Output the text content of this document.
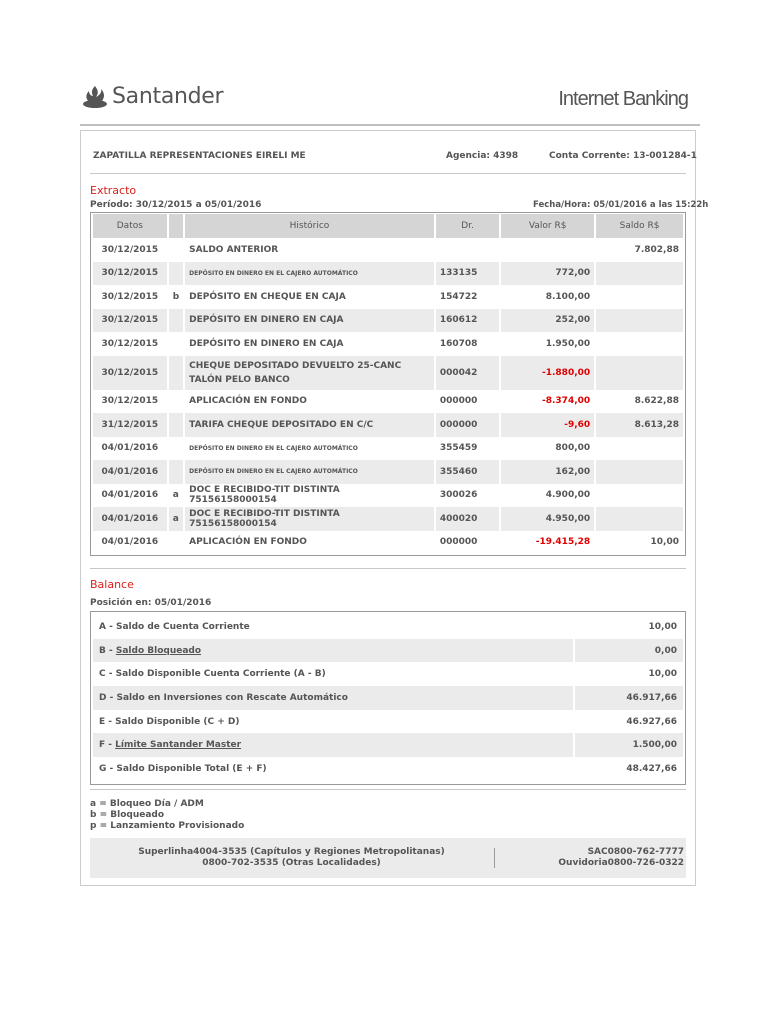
Santander	Internet Banking
ZAPATILLA REPRESENTACIONES EIRELI ME	Agencia: 4398	Conta Corrente: 13-001284-1
Extracto
Período: 30/12/2015 a 05/01/2016	Fecha/Hora: 05/01/2016 a las 15:22h
Datos		Histórico	Dr.	Valor R$	Saldo R$
30/12/2015		SALDO ANTERIOR			7.802,88
30/12/2015		DEPÓSITO EN DINERO EN EL CAJERO AUTOMÁTICO	133135	772,00	
30/12/2015	b	DEPÓSITO EN CHEQUE EN CAJA	154722	8.100,00	
30/12/2015		DEPÓSITO EN DINERO EN CAJA	160612	252,00	
30/12/2015		DEPÓSITO EN DINERO EN CAJA	160708	1.950,00	
30/12/2015		CHEQUE DEPOSITADO DEVUELTO 25-CANC TALÓN PELO BANCO	000042	-1.880,00	
30/12/2015		APLICACIÓN EN FONDO	000000	-8.374,00	8.622,88
31/12/2015		TARIFA CHEQUE DEPOSITADO EN C/C	000000	-9,60	8.613,28
04/01/2016		DEPÓSITO EN DINERO EN EL CAJERO AUTOMÁTICO	355459	800,00	
04/01/2016		DEPÓSITO EN DINERO EN EL CAJERO AUTOMÁTICO	355460	162,00	
04/01/2016	a	DOC E RECIBIDO-TIT DISTINTA 75156158000154	300026	4.900,00	
04/01/2016	a	DOC E RECIBIDO-TIT DISTINTA 75156158000154	400020	4.950,00	
04/01/2016		APLICACIÓN EN FONDO	000000	-19.415,28	10,00
Balance
Posición en: 05/01/2016
A - Saldo de Cuenta Corriente	10,00
B - Saldo Bloqueado	0,00
C - Saldo Disponible Cuenta Corriente (A - B)	10,00
D - Saldo en Inversiones con Rescate Automático	46.917,66
E - Saldo Disponible (C + D)	46.927,66
F - Límite Santander Master	1.500,00
G - Saldo Disponible Total (E + F)	48.427,66
a = Bloqueo Día / ADM
b = Bloqueado
p = Lanzamiento Provisionado
Superlinha4004-3535 (Capítulos y Regiones Metropolitanas)
0800-702-3535 (Otras Localidades)
SAC0800-762-7777
Ouvidoria0800-726-0322
